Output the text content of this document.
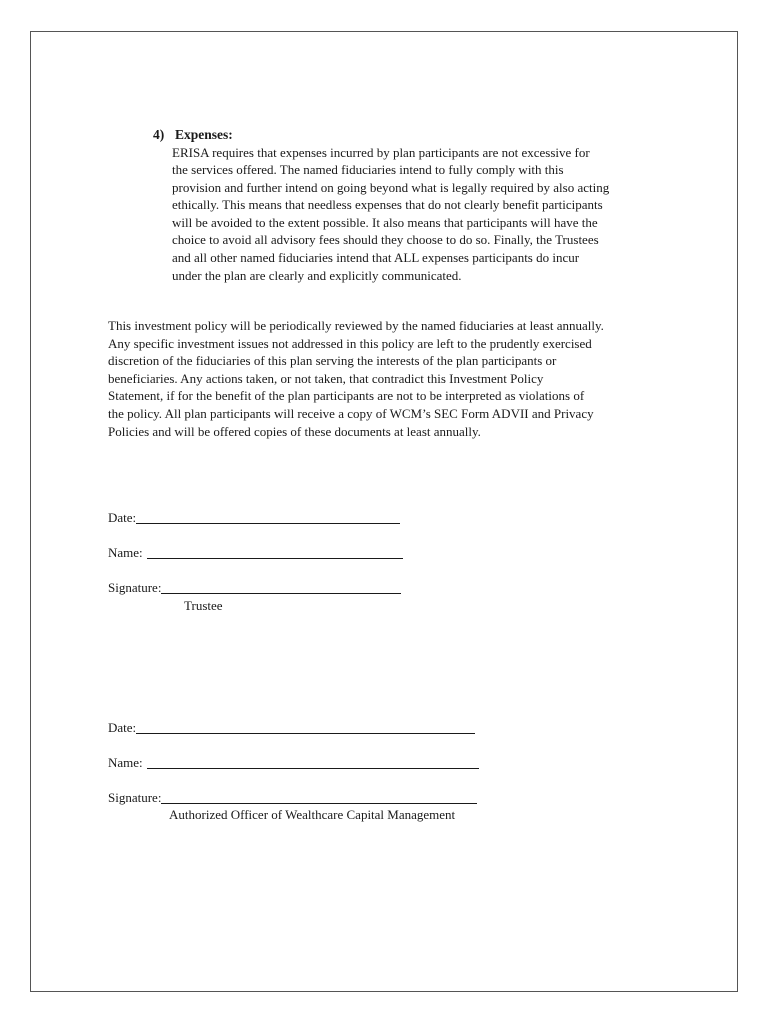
4) Expenses:
ERISA requires that expenses incurred by plan participants are not excessive for
the services offered. The named fiduciaries intend to fully comply with this
provision and further intend on going beyond what is legally required by also acting
ethically. This means that needless expenses that do not clearly benefit participants
will be avoided to the extent possible. It also means that participants will have the
choice to avoid all advisory fees should they choose to do so. Finally, the Trustees
and all other named fiduciaries intend that ALL expenses participants do incur
under the plan are clearly and explicitly communicated.
This investment policy will be periodically reviewed by the named fiduciaries at least annually.
Any specific investment issues not addressed in this policy are left to the prudently exercised
discretion of the fiduciaries of this plan serving the interests of the plan participants or
beneficiaries. Any actions taken, or not taken, that contradict this Investment Policy
Statement, if for the benefit of the plan participants are not to be interpreted as violations of
the policy. All plan participants will receive a copy of WCM’s SEC Form ADVII and Privacy
Policies and will be offered copies of these documents at least annually.
Date:
Name:
Signature:
Trustee
Date:
Name:
Signature:
Authorized Officer of Wealthcare Capital Management
